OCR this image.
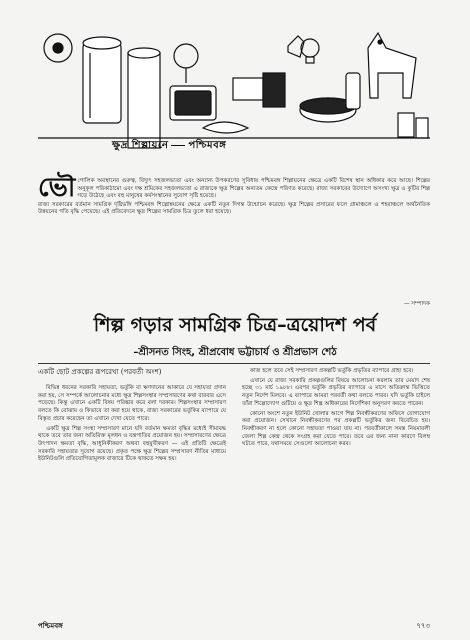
ক্ষুদ্র শিল্পায়নে পশ্চিমবঙ্গ
ভৌ গোলিক অবস্থানের গুরুত্ব, বিদ্যুৎ সহজলভ্যতা এবং অন্যান্য উপকরণের সুবিধায় পশ্চিমবঙ্গ শিল্পায়নের ক্ষেত্রে একটি বিশেষ স্থান অধিকার করে আছে। শিল্পের অনুকূল পরিকাঠামো এবং দক্ষ শ্রমিকের সহজলভ্যতা এ রাজ্যকে ক্ষুদ্র শিল্পের অন্যতম কেন্দ্রে পরিণত করেছে। রাজ্য সরকারের উদ্যোগে অসংখ্য ক্ষুদ্র ও কুটির শিল্প গড়ে উঠেছে এবং বহু মানুষের কর্মসংস্থানের সুযোগ সৃষ্টি হয়েছে।

রাজ্য সরকারের বর্তমান সামগ্রিক দৃষ্টিভঙ্গি পশ্চিমবঙ্গ শিল্পোন্নয়নের ক্ষেত্রে একটি নতুন দিগন্ত উন্মোচন করেছে। ক্ষুদ্র শিল্পের প্রসারের ফলে গ্রামাঞ্চলে ও শহরাঞ্চলে অর্থনৈতিক উন্নয়নের গতি বৃদ্ধি পেয়েছে। এই প্রতিবেদনে ক্ষুদ্র শিল্পের সামগ্রিক চিত্র তুলে ধরা হয়েছে।

— সম্পাদক
শিল্প গড়ার সামগ্রিক চিত্র–ত্রয়োদশ পর্ব
–শ্রীসনত সিংহ, শ্রীপ্রবোধ ভট্টাচার্য ও শ্রীপ্রভাস শেঠ

একটি ছোট প্রকল্পের রূপরেখা (পরবর্তী অংশ)

বিভিন্ন ধরনের সরকারি সহায়তা, ভর্তুকি বা ঋণদানের আকারে যে সহায়তা প্রদান করা হয়, সে সম্পর্কে আলোচনার মধ্যে ক্ষুদ্র শিল্পসংস্থার সম্প্রসারণের কথা বারবার এসে পড়েছে। কিন্তু এখানে একটি বিষয় পরিষ্কার করে বলা দরকার। শিল্পসংস্থার সম্প্রসারণ বলতে কি বোঝায় ও কিভাবে তা করা হয়ে থাকে, রাজ্য সরকারের ভর্তুকির ব্যাপারে যে বিস্তৃত প্রচার করেছেন তা এখানে দেখা যেতে পারে।

একটি ক্ষুদ্র শিল্প সংস্থা সম্প্রসারণ মানে যদি বর্তমান ক্ষমতা বৃদ্ধির মধ্যেই সীমাবদ্ধ থাকে তবে তার জন্য অতিরিক্ত মূলধন ও যন্ত্রপাতির প্রয়োজন হয়। সম্প্রসারণের ক্ষেত্রে উৎপাদন ক্ষমতা বৃদ্ধি, আধুনিকীকরণ অথবা বহুমুখীকরণ — এই প্রতিটি ক্ষেত্রেই সরকারি সহায়তার সুযোগ রয়েছে। প্রকৃত পক্ষে ক্ষুদ্র শিল্পের সম্প্রসারণ নীতির মাধ্যমে ইউনিটগুলি প্রতিযোগিতামূলক বাজারে টিকে থাকতে সক্ষম হয়।

কাজ হলে তবে সেই সম্প্রসারণ প্রকল্পটি ভর্তুকি প্রভৃতির ব্যাপারে গ্রাহ্য হবে।

এখানে যে রাজ্য সরকারি প্রকল্পগুলির বিষয়ে আলোচনা করলাম তার মেয়াদ শেষ হচ্ছে ৩১ মার্চ ১৯৮৮। এরপর ভর্তুকি প্রভৃতির ব্যাপারে এ মাসে অতিক্রান্ত ভিত্তিতে নতুন নির্দেশ মিলবে। এ ব্যাপারে আমরা পরবর্তী কথা বলতে পারব। যদি ভর্তুকি চাইলে তাঁরা শিল্পোদ্যোগ গুটিয়ে ও ক্ষুদ্র শিল্প অধিকারের নির্দেশিকা অনুসরণ করতে পারেন।

কোনো অংশে নতুন ইউনিট খোলার আগে শিল্প নিবন্ধীকরণের অফিসে যোগাযোগ করা প্রয়োজন। সেখানে নিবন্ধীকরণের পর প্রকল্পটি ভর্তুকির জন্য বিবেচিত হয়। নিবন্ধীকরণ না হলে কোনো সহায়তা পাওয়া যায় না। পরবর্তীকালে সমস্ত নিয়মাবলী জেলা শিল্প কেন্দ্র থেকে সংগ্রহ করা যেতে পারে। তবে এর জন্য নানা কারণে বিলম্ব ঘটতে পারে, যথাসময়ে সেগুলো আলোচনা করব।

পশ্চিমবঙ্গ	৭৭৩
